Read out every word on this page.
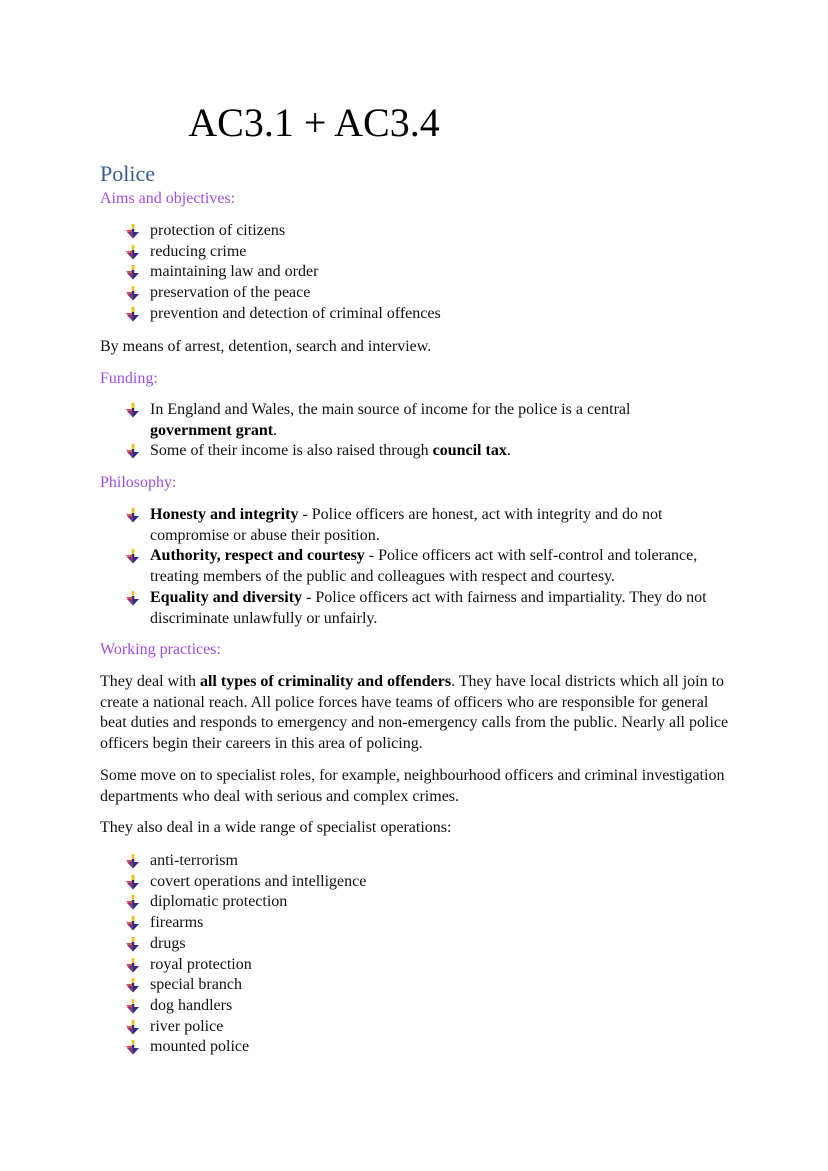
AC3.1 + AC3.4
Police
Aims and objectives:
protection of citizens
reducing crime
maintaining law and order
preservation of the peace
prevention and detection of criminal offences

By means of arrest, detention, search and interview.

Funding:
In England and Wales, the main source of income for the police is a central government grant.
Some of their income is also raised through council tax.
Philosophy:
Honesty and integrity - Police officers are honest, act with integrity and do not compromise or abuse their position.
Authority, respect and courtesy - Police officers act with self-control and tolerance, treating members of the public and colleagues with respect and courtesy.
Equality and diversity - Police officers act with fairness and impartiality. They do not discriminate unlawfully or unfairly.
Working practices:

They deal with all types of criminality and offenders. They have local districts which all join to create a national reach. All police forces have teams of officers who are responsible for general beat duties and responds to emergency and non-emergency calls from the public. Nearly all police officers begin their careers in this area of policing.

Some move on to specialist roles, for example, neighbourhood officers and criminal investigation departments who deal with serious and complex crimes.

They also deal in a wide range of specialist operations:

anti-terrorism
covert operations and intelligence
diplomatic protection
firearms
drugs
royal protection
special branch
dog handlers
river police
mounted police
